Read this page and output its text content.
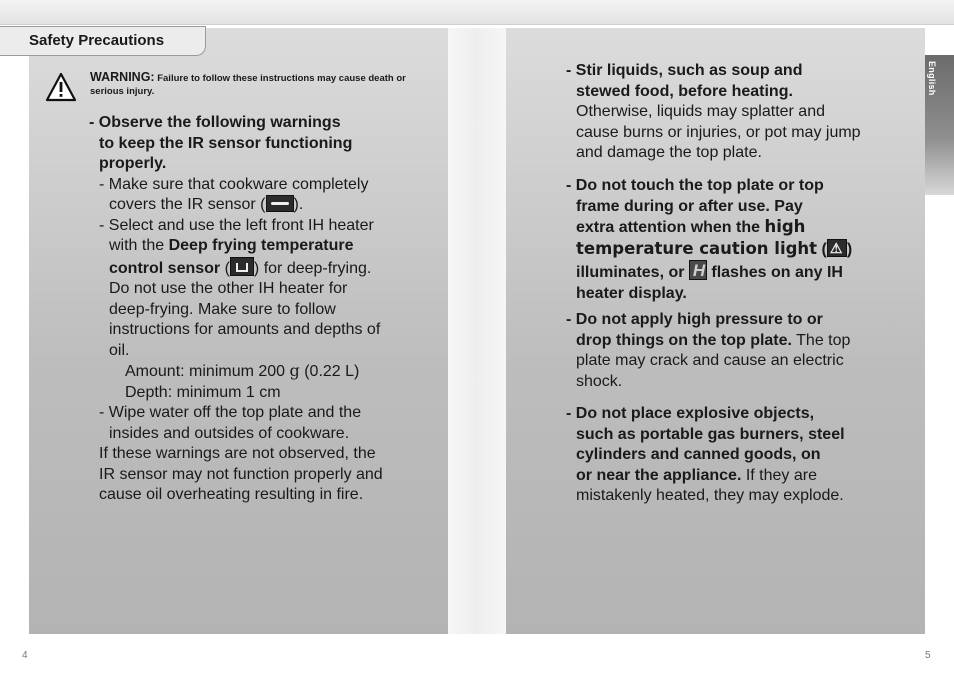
Safety Precautions
English
WARNING: Failure to follow these instructions may cause death or serious injury.
- Observe the following warnings
to keep the IR sensor functioning
properly.
- Make sure that cookware completely
covers the IR sensor ( ).
- Select and use the left front IH heater
with the Deep frying temperature
control sensor ( ) for deep-frying.
Do not use the other IH heater for
deep-frying. Make sure to follow
instructions for amounts and depths of
oil.
Amount: minimum 200 g (0.22 L)
Depth: minimum 1 cm
- Wipe water off the top plate and the
insides and outsides of cookware.
If these warnings are not observed, the
IR sensor may not function properly and
cause oil overheating resulting in fire.
- Stir liquids, such as soup and
stewed food, before heating.
Otherwise, liquids may splatter and
cause burns or injuries, or pot may jump
and damage the top plate.
- Do not touch the top plate or top
frame during or after use. Pay
extra attention when the high
temperature caution light (⚠ )
illuminates, or H flashes on any IH
heater display.
- Do not apply high pressure to or
drop things on the top plate. The top
plate may crack and cause an electric
shock.
- Do not place explosive objects,
such as portable gas burners, steel
cylinders and canned goods, on
or near the appliance. If they are
mistakenly heated, they may explode.
4	5
